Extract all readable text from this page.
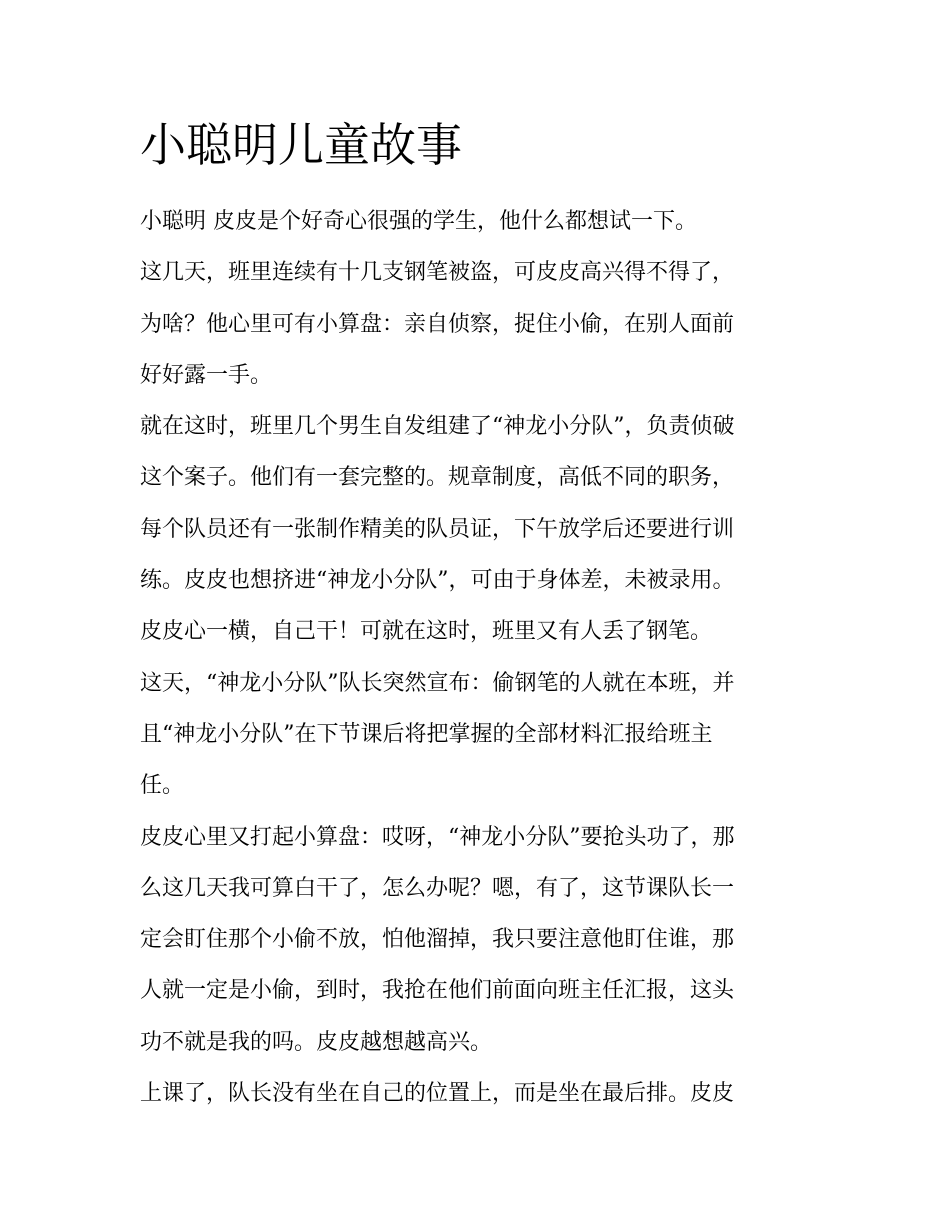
小聪明儿童故事
小聪明 皮皮是个好奇心很强的学生，他什么都想试一下。
这几天，班里连续有十几支钢笔被盗，可皮皮高兴得不得了，
为啥？他心里可有小算盘：亲自侦察，捉住小偷，在别人面前
好好露一手。
就在这时，班里几个男生自发组建了“神龙小分队”，负责侦破
这个案子。他们有一套完整的。规章制度，高低不同的职务，
每个队员还有一张制作精美的队员证，下午放学后还要进行训
练。皮皮也想挤进“神龙小分队”，可由于身体差，未被录用。
皮皮心一横，自己干！可就在这时，班里又有人丢了钢笔。
这天，“神龙小分队”队长突然宣布：偷钢笔的人就在本班，并
且“神龙小分队”在下节课后将把掌握的全部材料汇报给班主
任。
皮皮心里又打起小算盘：哎呀，“神龙小分队”要抢头功了，那
么这几天我可算白干了，怎么办呢？嗯，有了，这节课队长一
定会盯住那个小偷不放，怕他溜掉，我只要注意他盯住谁，那
人就一定是小偷，到时，我抢在他们前面向班主任汇报，这头
功不就是我的吗。皮皮越想越高兴。
上课了，队长没有坐在自己的位置上，而是坐在最后排。皮皮
